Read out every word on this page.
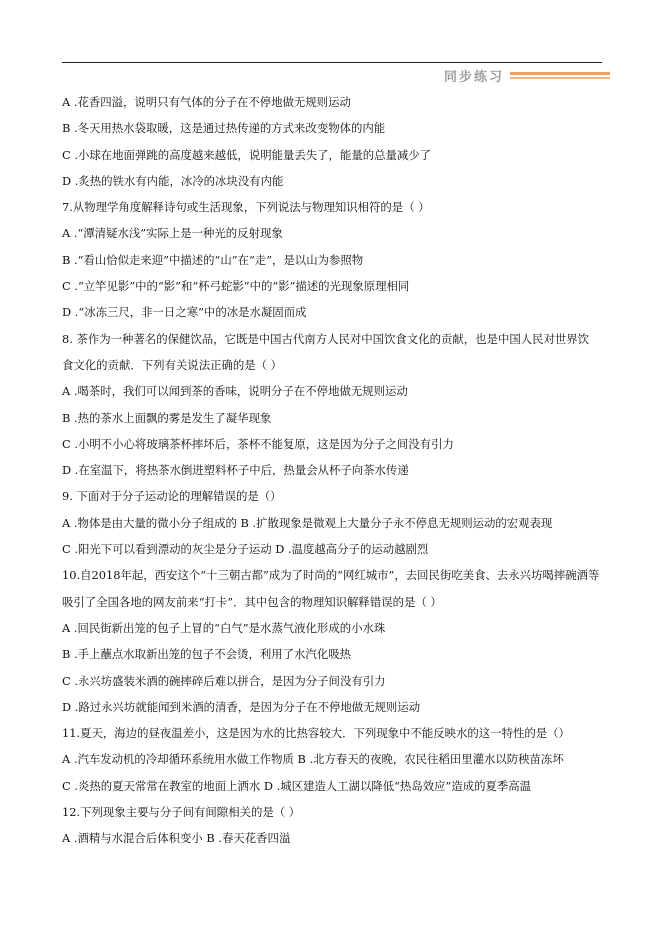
同步练习
A .花香四溢，说明只有气体的分子在不停地做无规则运动
B .冬天用热水袋取暖，这是通过热传递的方式来改变物体的内能
C .小球在地面弹跳的高度越来越低，说明能量丢失了，能量的总量减少了
D .炙热的铁水有内能，冰冷的冰块没有内能
7.从物理学角度解释诗句或生活现象，下列说法与物理知识相符的是（ ）
A .“潭清疑水浅”实际上是一种光的反射现象
B .“看山恰似走来迎”中描述的“山”在“走”，是以山为参照物
C .“立竿见影”中的“影”和“杯弓蛇影”中的“影”描述的光现象原理相同
D .“冰冻三尺，非一日之寒”中的冰是水凝固而成
8. 茶作为一种著名的保健饮品，它既是中国古代南方人民对中国饮食文化的贡献，也是中国人民对世界饮
食文化的贡献．下列有关说法正确的是（ ）
A .喝茶时，我们可以闻到茶的香味，说明分子在不停地做无规则运动
B .热的茶水上面飘的雾是发生了凝华现象
C .小明不小心将玻璃茶杯摔坏后，茶杯不能复原，这是因为分子之间没有引力
D .在室温下，将热茶水倒进塑料杯子中后，热量会从杯子向茶水传递
9. 下面对于分子运动论的理解错误的是（）
A .物体是由大量的微小分子组成的 B .扩散现象是微观上大量分子永不停息无规则运动的宏观表现
C .阳光下可以看到漂动的灰尘是分子运动 D .温度越高分子的运动越剧烈
10.自2018年起，西安这个“十三朝古都”成为了时尚的“网红城市”，去回民街吃美食、去永兴坊喝摔碗酒等
吸引了全国各地的网友前来“打卡”．其中包含的物理知识解释错误的是（ ）
A .回民街新出笼的包子上冒的“白气”是水蒸气液化形成的小水珠
B .手上蘸点水取新出笼的包子不会烫，利用了水汽化吸热
C .永兴坊盛装米酒的碗摔碎后难以拼合，是因为分子间没有引力
D .路过永兴坊就能闻到米酒的清香，是因为分子在不停地做无规则运动
11.夏天，海边的昼夜温差小，这是因为水的比热容较大．下列现象中不能反映水的这一特性的是（）
A .汽车发动机的冷却循环系统用水做工作物质 B .北方春天的夜晚，农民往稻田里灌水以防秧苗冻坏
C .炎热的夏天常常在教室的地面上洒水 D .城区建造人工湖以降低“热岛效应”造成的夏季高温
12.下列现象主要与分子间有间隙相关的是（ ）
A .酒精与水混合后体积变小 B .春天花香四溢
